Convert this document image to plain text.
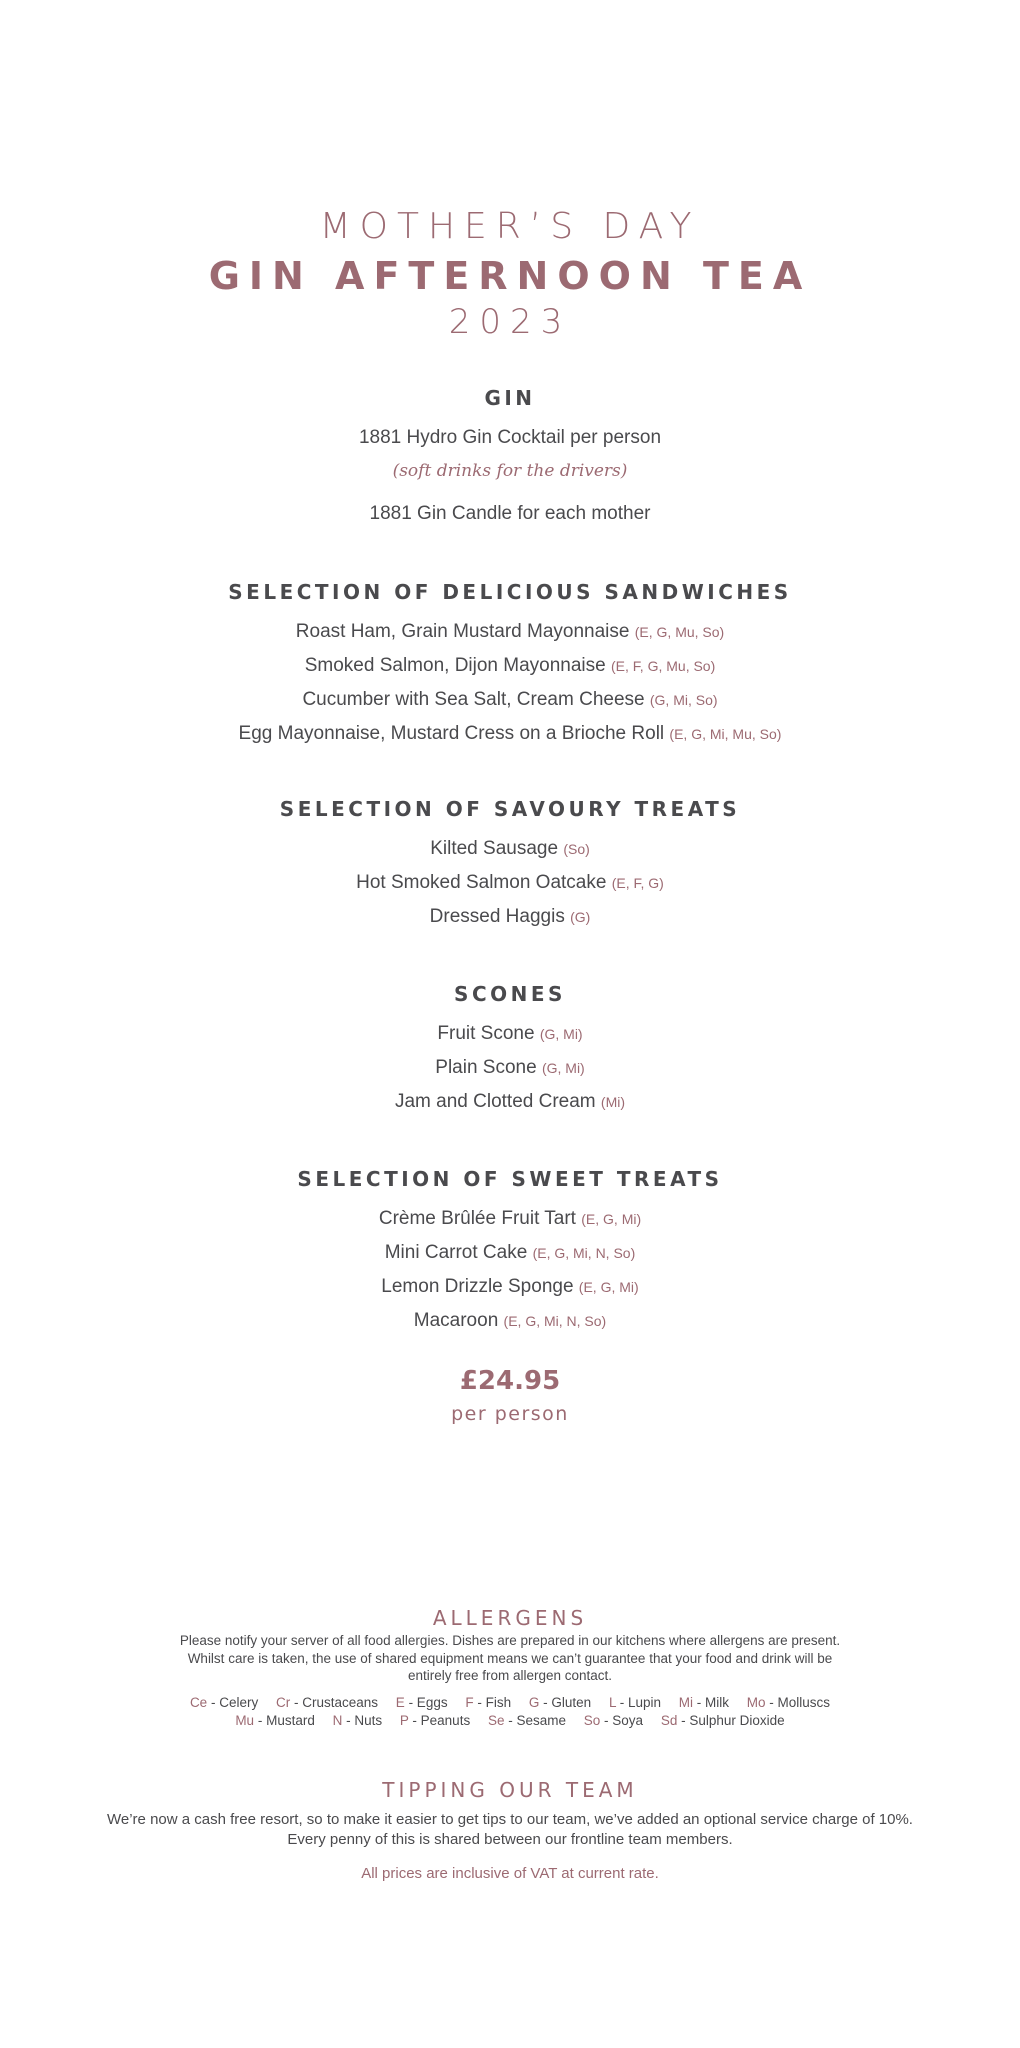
MOTHER’S DAY
GIN AFTERNOON TEA
2023
GIN
1881 Hydro Gin Cocktail per person
(soft drinks for the drivers)
1881 Gin Candle for each mother
SELECTION OF DELICIOUS SANDWICHES
Roast Ham, Grain Mustard Mayonnaise (E, G, Mu, So)
Smoked Salmon, Dijon Mayonnaise (E, F, G, Mu, So)
Cucumber with Sea Salt, Cream Cheese (G, Mi, So)
Egg Mayonnaise, Mustard Cress on a Brioche Roll (E, G, Mi, Mu, So)
SELECTION OF SAVOURY TREATS
Kilted Sausage (So)
Hot Smoked Salmon Oatcake (E, F, G)
Dressed Haggis (G)
SCONES
Fruit Scone (G, Mi)
Plain Scone (G, Mi)
Jam and Clotted Cream (Mi)
SELECTION OF SWEET TREATS
Crème Brûlée Fruit Tart (E, G, Mi)
Mini Carrot Cake (E, G, Mi, N, So)
Lemon Drizzle Sponge (E, G, Mi)
Macaroon (E, G, Mi, N, So)
£24.95
per person
ALLERGENS
Please notify your server of all food allergies. Dishes are prepared in our kitchens where allergens are present.
Whilst care is taken, the use of shared equipment means we can’t guarantee that your food and drink will be
entirely free from allergen contact.
Ce - Celery Cr - Crustaceans E - Eggs F - Fish G - Gluten L - Lupin Mi - Milk Mo - Molluscs
Mu - Mustard N - Nuts P - Peanuts Se - Sesame So - Soya Sd - Sulphur Dioxide
TIPPING OUR TEAM
We’re now a cash free resort, so to make it easier to get tips to our team, we’ve added an optional service charge of 10%.
Every penny of this is shared between our frontline team members.
All prices are inclusive of VAT at current rate.
